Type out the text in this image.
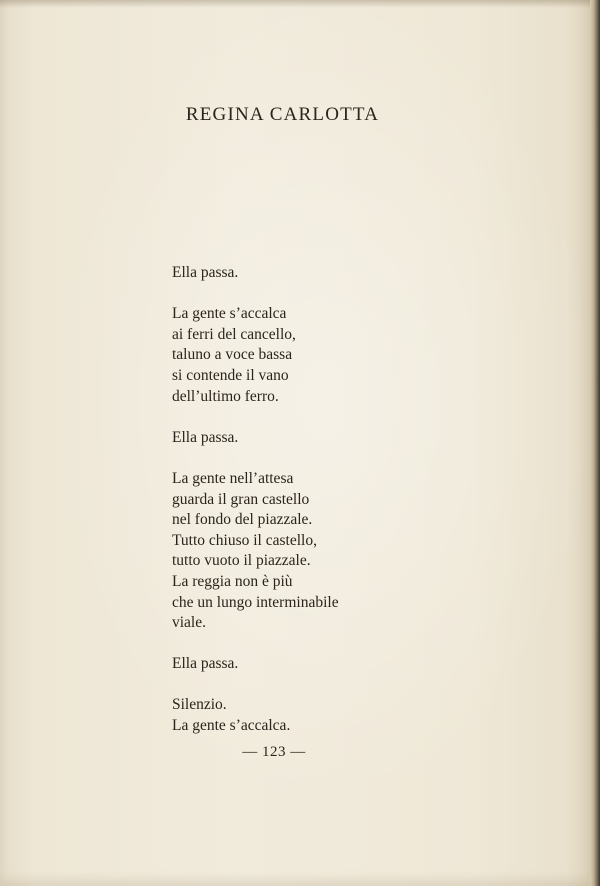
REGINA CARLOTTA
Ella passa.
La gente s’accalca
ai ferri del cancello,
taluno a voce bassa
si contende il vano
dell’ultimo ferro.
Ella passa.
La gente nell’attesa
guarda il gran castello
nel fondo del piazzale.
Tutto chiuso il castello,
tutto vuoto il piazzale.
La reggia non è più
che un lungo interminabile
viale.
Ella passa.
Silenzio.
La gente s’accalca.
— 123 —
